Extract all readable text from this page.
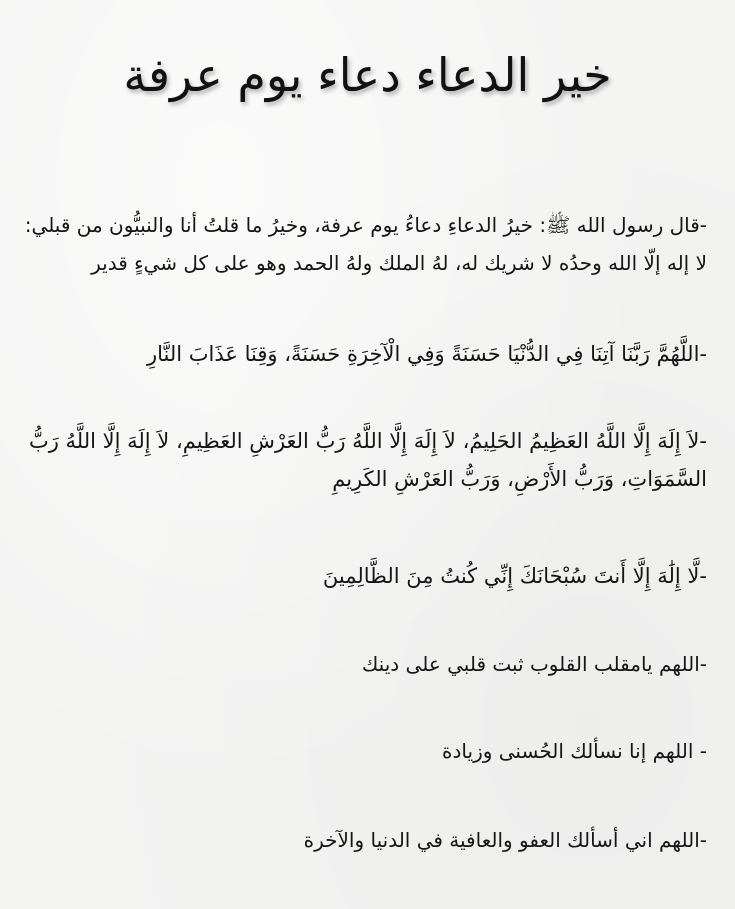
خير الدعاء دعاء يوم عرفة

-قال رسول الله ﷺ: خيرُ الدعاءِ دعاءُ يوم عرفة، وخيرُ ما قلتُ أنا والنبيُّون من قبلي: لا إله إلّا الله وحدُه لا شريك له، لهُ الملك ولهُ الحمد وهو على كل شيءٍ قدير

-اللَّهُمَّ رَبَّنَا آتِنَا فِي الدُّنْيَا حَسَنَةً وَفِي الْآخِرَةِ حَسَنَةً، وَقِنَا عَذَابَ النَّارِ

-لاَ إِلَهَ إِلَّا اللَّهُ العَظِيمُ الحَلِيمُ، لاَ إِلَهَ إِلَّا اللَّهُ رَبُّ العَرْشِ العَظِيمِ، لاَ إِلَهَ إِلَّا اللَّهُ رَبُّ السَّمَوَاتِ، وَرَبُّ الأَرْضِ، وَرَبُّ العَرْشِ الكَرِيمِ

-لَّا إِلَٰهَ إِلَّا أَنتَ سُبْحَانَكَ إِنِّي كُنتُ مِنَ الظَّالِمِينَ

-اللهم يامقلب القلوب ثبت قلبي على دينك

- اللهم إنا نسألك الحُسنى وزيادة

-اللهم اني أسألك العفو والعافية في الدنيا والآخرة
